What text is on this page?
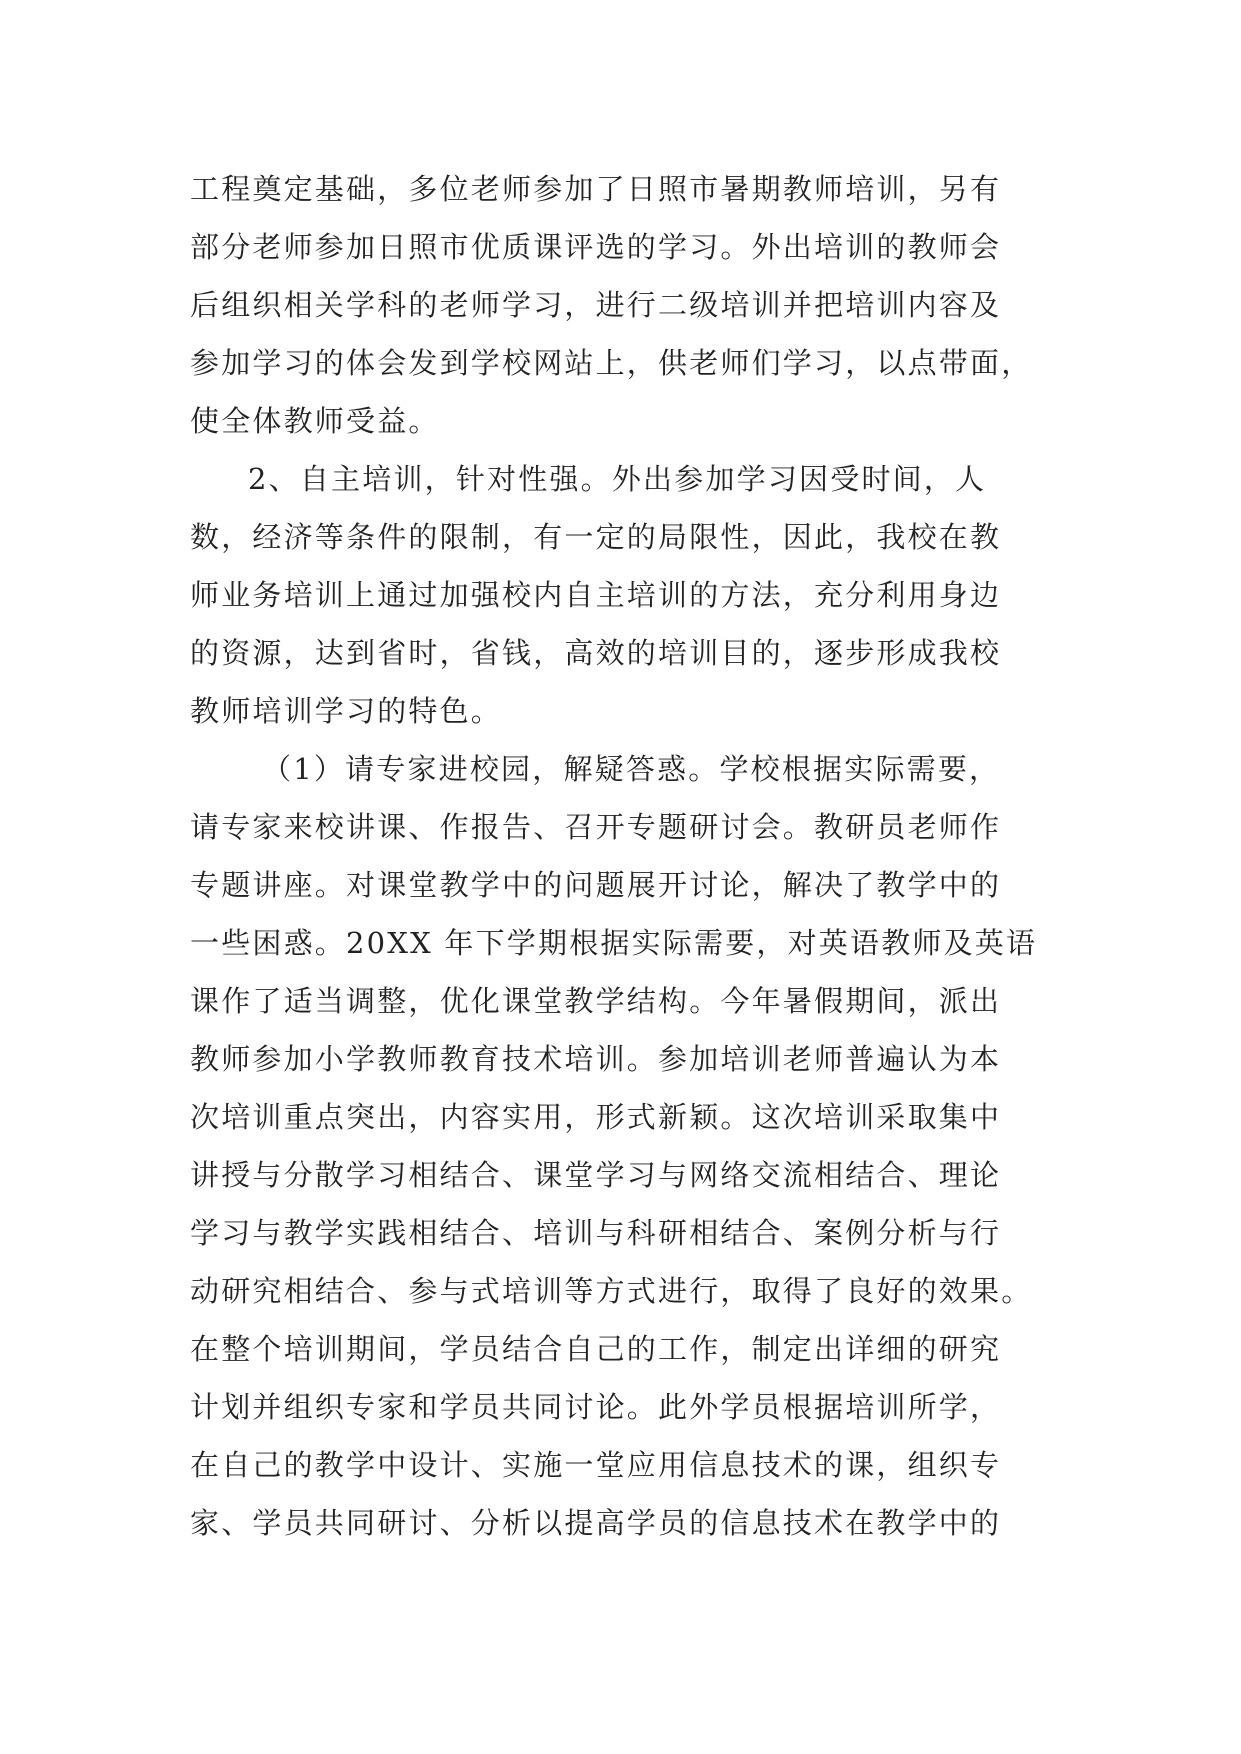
工程奠定基础，多位老师参加了日照市暑期教师培训，另有
部分老师参加日照市优质课评选的学习。外出培训的教师会
后组织相关学科的老师学习，进行二级培训并把培训内容及
参加学习的体会发到学校网站上，供老师们学习，以点带面，
使全体教师受益。
2、自主培训，针对性强。外出参加学习因受时间，人
数，经济等条件的限制，有一定的局限性，因此，我校在教
师业务培训上通过加强校内自主培训的方法，充分利用身边
的资源，达到省时，省钱，高效的培训目的，逐步形成我校
教师培训学习的特色。
（1）请专家进校园，解疑答惑。学校根据实际需要，
请专家来校讲课、作报告、召开专题研讨会。教研员老师作
专题讲座。对课堂教学中的问题展开讨论，解决了教学中的
一些困惑。20XX 年下学期根据实际需要，对英语教师及英语
课作了适当调整，优化课堂教学结构。今年暑假期间，派出
教师参加小学教师教育技术培训。参加培训老师普遍认为本
次培训重点突出，内容实用，形式新颖。这次培训采取集中
讲授与分散学习相结合、课堂学习与网络交流相结合、理论
学习与教学实践相结合、培训与科研相结合、案例分析与行
动研究相结合、参与式培训等方式进行，取得了良好的效果。
在整个培训期间，学员结合自己的工作，制定出详细的研究
计划并组织专家和学员共同讨论。此外学员根据培训所学，
在自己的教学中设计、实施一堂应用信息技术的课，组织专
家、学员共同研讨、分析以提高学员的信息技术在教学中的
